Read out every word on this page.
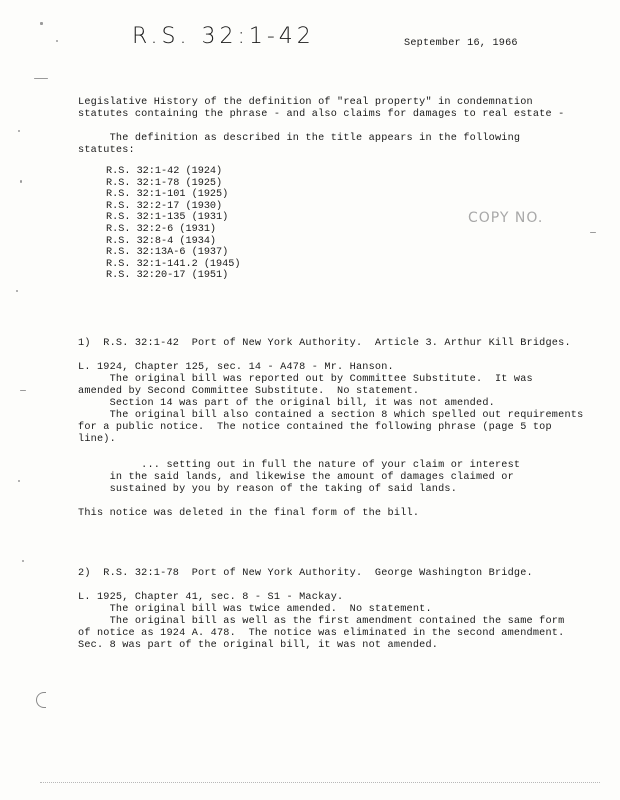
R.S. 32:1-42	September 16, 1966
Legislative History of the definition of "real property" in condemnation
statutes containing the phrase - and also claims for damages to real estate -
The definition as described in the title appears in the following
statutes:
R.S. 32:1-42 (1924)
R.S. 32:1-78 (1925)
R.S. 32:1-101 (1925)
R.S. 32:2-17 (1930)
R.S. 32:1-135 (1931)
R.S. 32:2-6 (1931)
R.S. 32:8-4 (1934)
R.S. 32:13A-6 (1937)
R.S. 32:1-141.2 (1945)
R.S. 32:20-17 (1951)
COPY NO.
1)  R.S. 32:1-42  Port of New York Authority.  Article 3. Arthur Kill Bridges.
L. 1924, Chapter 125, sec. 14 - A478 - Mr. Hanson.
The original bill was reported out by Committee Substitute.  It was
amended by Second Committee Substitute.  No statement.
Section 14 was part of the original bill, it was not amended.
The original bill also contained a section 8 which spelled out requirements
for a public notice.  The notice contained the following phrase (page 5 top
line).
... setting out in full the nature of your claim or interest
in the said lands, and likewise the amount of damages claimed or
sustained by you by reason of the taking of said lands.
This notice was deleted in the final form of the bill.
2)  R.S. 32:1-78  Port of New York Authority.  George Washington Bridge.
L. 1925, Chapter 41, sec. 8 - S1 - Mackay.
The original bill was twice amended.  No statement.
The original bill as well as the first amendment contained the same form
of notice as 1924 A. 478.  The notice was eliminated in the second amendment.
Sec. 8 was part of the original bill, it was not amended.
